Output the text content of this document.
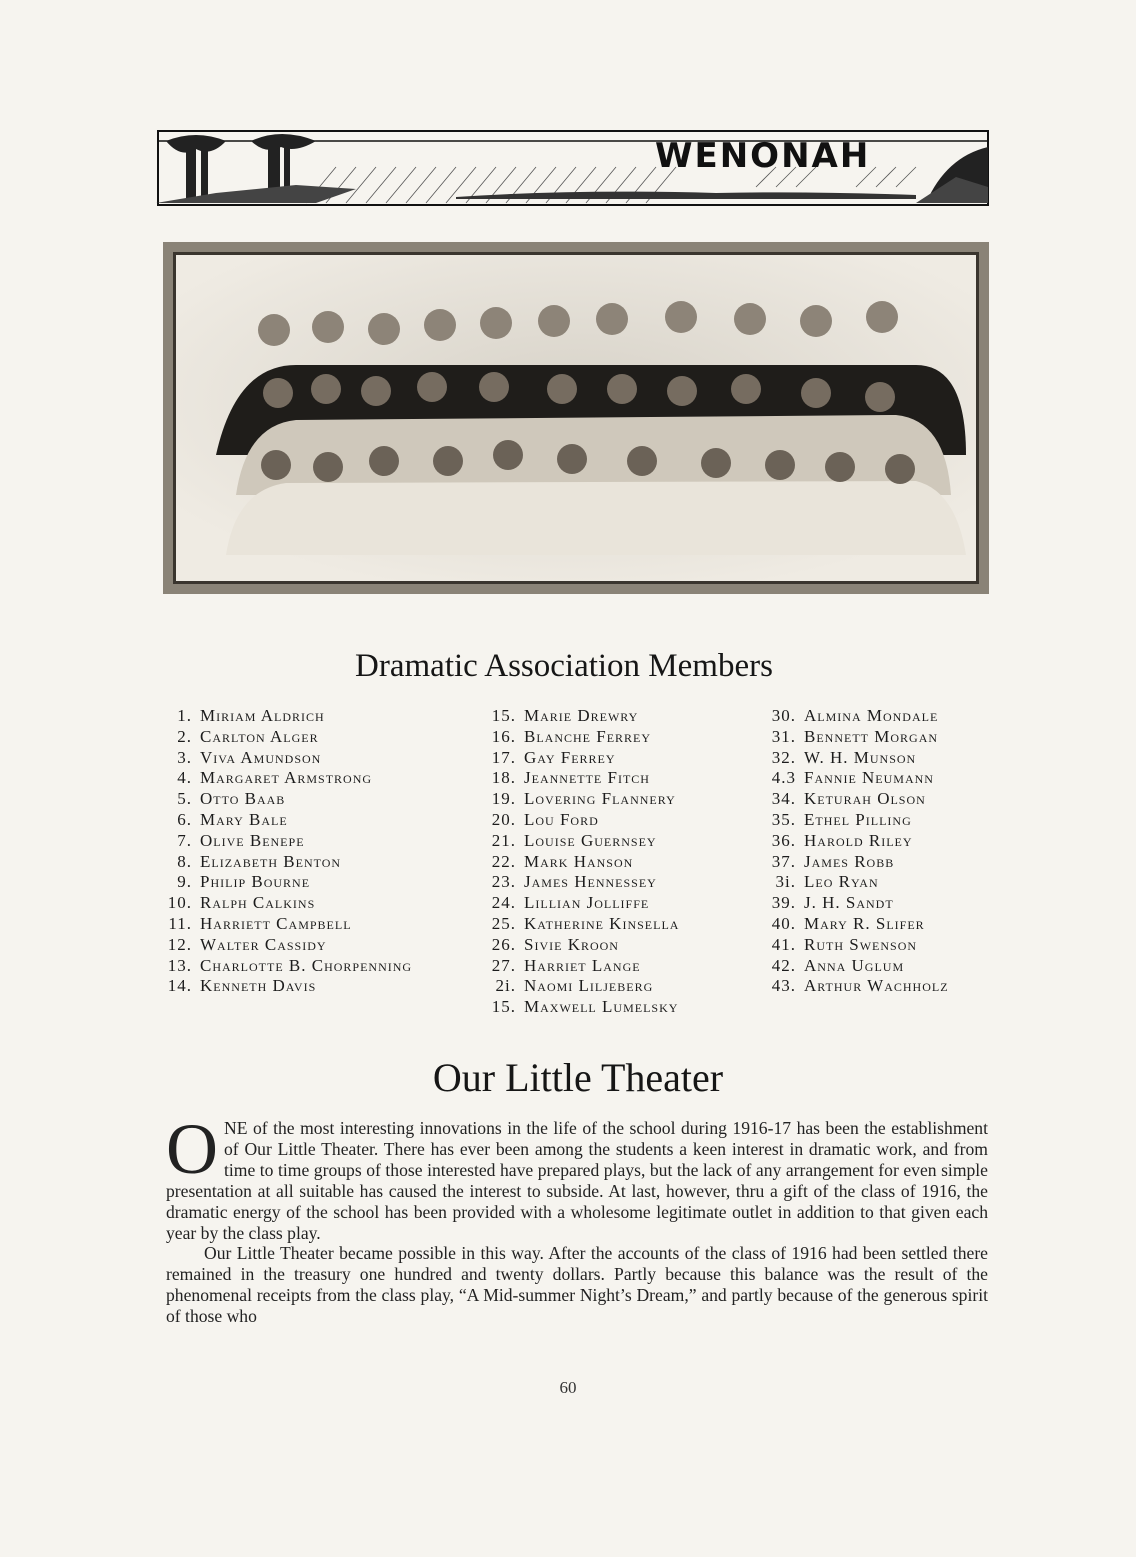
WENONAH
Dramatic Association Members
1. Miriam Aldrich
2. Carlton Alger
3. Viva Amundson
4. Margaret Armstrong
5. Otto Baab
6. Mary Bale
7. Olive Benepe
8. Elizabeth Benton
9. Philip Bourne
10. Ralph Calkins
11. Harriett Campbell
12. Walter Cassidy
13. Charlotte B. Chorpenning
14. Kenneth Davis
15. Marie Drewry
16. Blanche Ferrey
17. Gay Ferrey
18. Jeannette Fitch
19. Lovering Flannery
20. Lou Ford
21. Louise Guernsey
22. Mark Hanson
23. James Hennessey
24. Lillian Jolliffe
25. Katherine Kinsella
26. Sivie Kroon
27. Harriet Lange
2i. Naomi Liljeberg
15. Maxwell Lumelsky
30. Almina Mondale
31. Bennett Morgan
32. W. H. Munson
4.3 Fannie Neumann
34. Keturah Olson
35. Ethel Pilling
36. Harold Riley
37. James Robb
3i. Leo Ryan
39. J. H. Sandt
40. Mary R. Slifer
41. Ruth Swenson
42. Anna Uglum
43. Arthur Wachholz
Our Little Theater

ONE of the most interesting innovations in the life of the school during 1916-17 has been the establishment of Our Little Theater. There has ever been among the students a keen interest in dramatic work, and from time to time groups of those interested have prepared plays, but the lack of any arrangement for even simple presentation at all suitable has caused the interest to subside. At last, however, thru a gift of the class of 1916, the dramatic energy of the school has been provided with a wholesome legitimate outlet in addition to that given each year by the class play.

Our Little Theater became possible in this way. After the accounts of the class of 1916 had been settled there remained in the treasury one hundred and twenty dollars. Partly because this balance was the result of the phenomenal receipts from the class play, “A Mid-summer Night’s Dream,” and partly because of the generous spirit of those who

60
